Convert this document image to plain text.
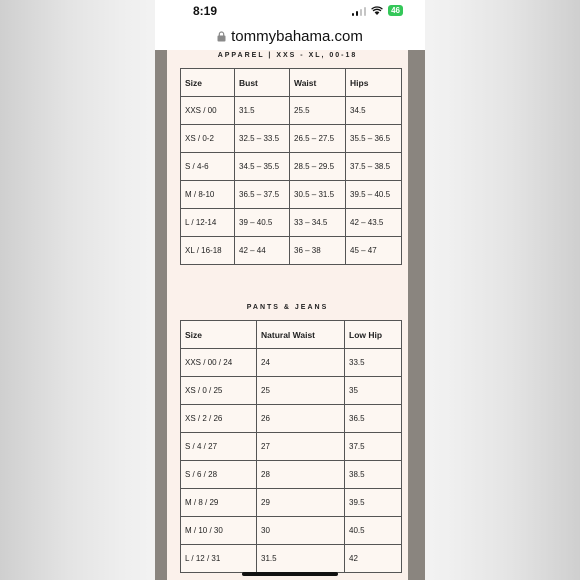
8:19	46
tommybahama.com
APPAREL | XXS - XL, 00-18
Size	Bust	Waist	Hips
XXS / 00	31.5	25.5	34.5
XS / 0-2	32.5 – 33.5	26.5 – 27.5	35.5 – 36.5
S / 4-6	34.5 – 35.5	28.5 – 29.5	37.5 – 38.5
M / 8-10	36.5 – 37.5	30.5 – 31.5	39.5 – 40.5
L / 12-14	39 – 40.5	33 – 34.5	42 – 43.5
XL / 16-18	42 – 44	36 – 38	45 – 47
PANTS & JEANS
Size	Natural Waist	Low Hip
XXS / 00 / 24	24	33.5
XS / 0 / 25	25	35
XS / 2 / 26	26	36.5
S / 4 / 27	27	37.5
S / 6 / 28	28	38.5
M / 8 / 29	29	39.5
M / 10 / 30	30	40.5
L / 12 / 31	31.5	42
